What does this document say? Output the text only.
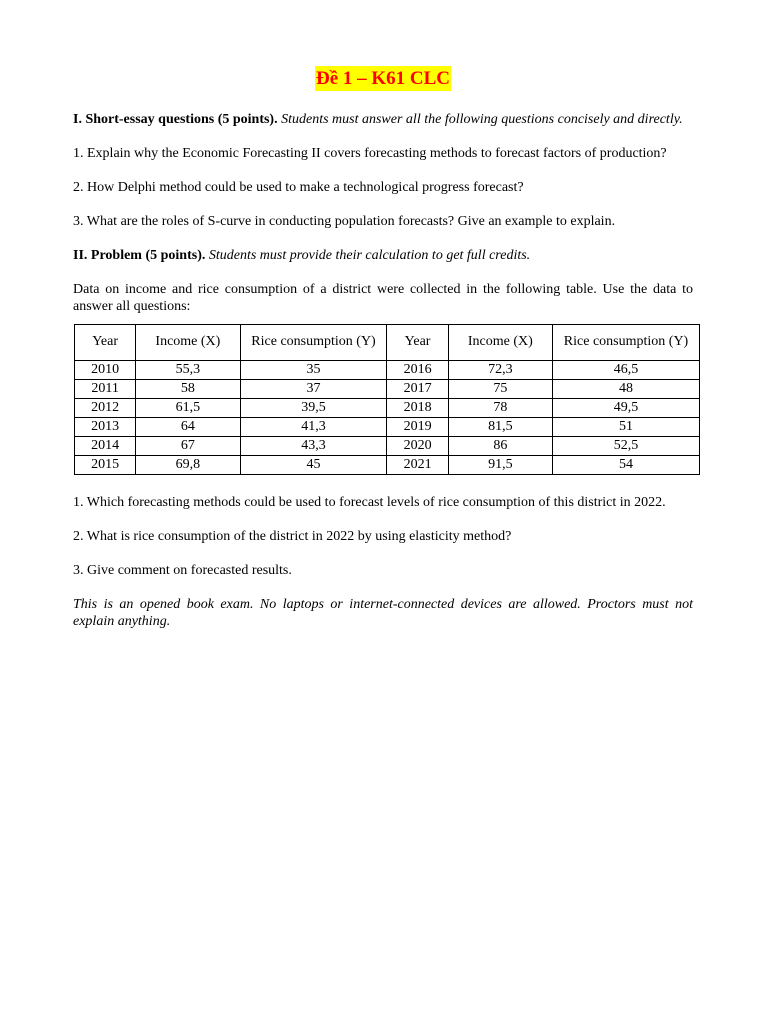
Đề 1 – K61 CLC

I. Short-essay questions (5 points). Students must answer all the following questions concisely and directly.

1. Explain why the Economic Forecasting II covers forecasting methods to forecast factors of production?

2. How Delphi method could be used to make a technological progress forecast?

3. What are the roles of S-curve in conducting population forecasts? Give an example to explain.

II. Problem (5 points). Students must provide their calculation to get full credits.

Data on income and rice consumption of a district were collected in the following table. Use the data to answer all questions:

Year	Income (X)	Rice consumption (Y)	Year	Income (X)	Rice consumption (Y)
2010	55,3	35	2016	72,3	46,5
2011	58	37	2017	75	48
2012	61,5	39,5	2018	78	49,5
2013	64	41,3	2019	81,5	51
2014	67	43,3	2020	86	52,5
2015	69,8	45	2021	91,5	54

1. Which forecasting methods could be used to forecast levels of rice consumption of this district in 2022.

2. What is rice consumption of the district in 2022 by using elasticity method?

3. Give comment on forecasted results.

This is an opened book exam. No laptops or internet-connected devices are allowed. Proctors must not explain anything.
